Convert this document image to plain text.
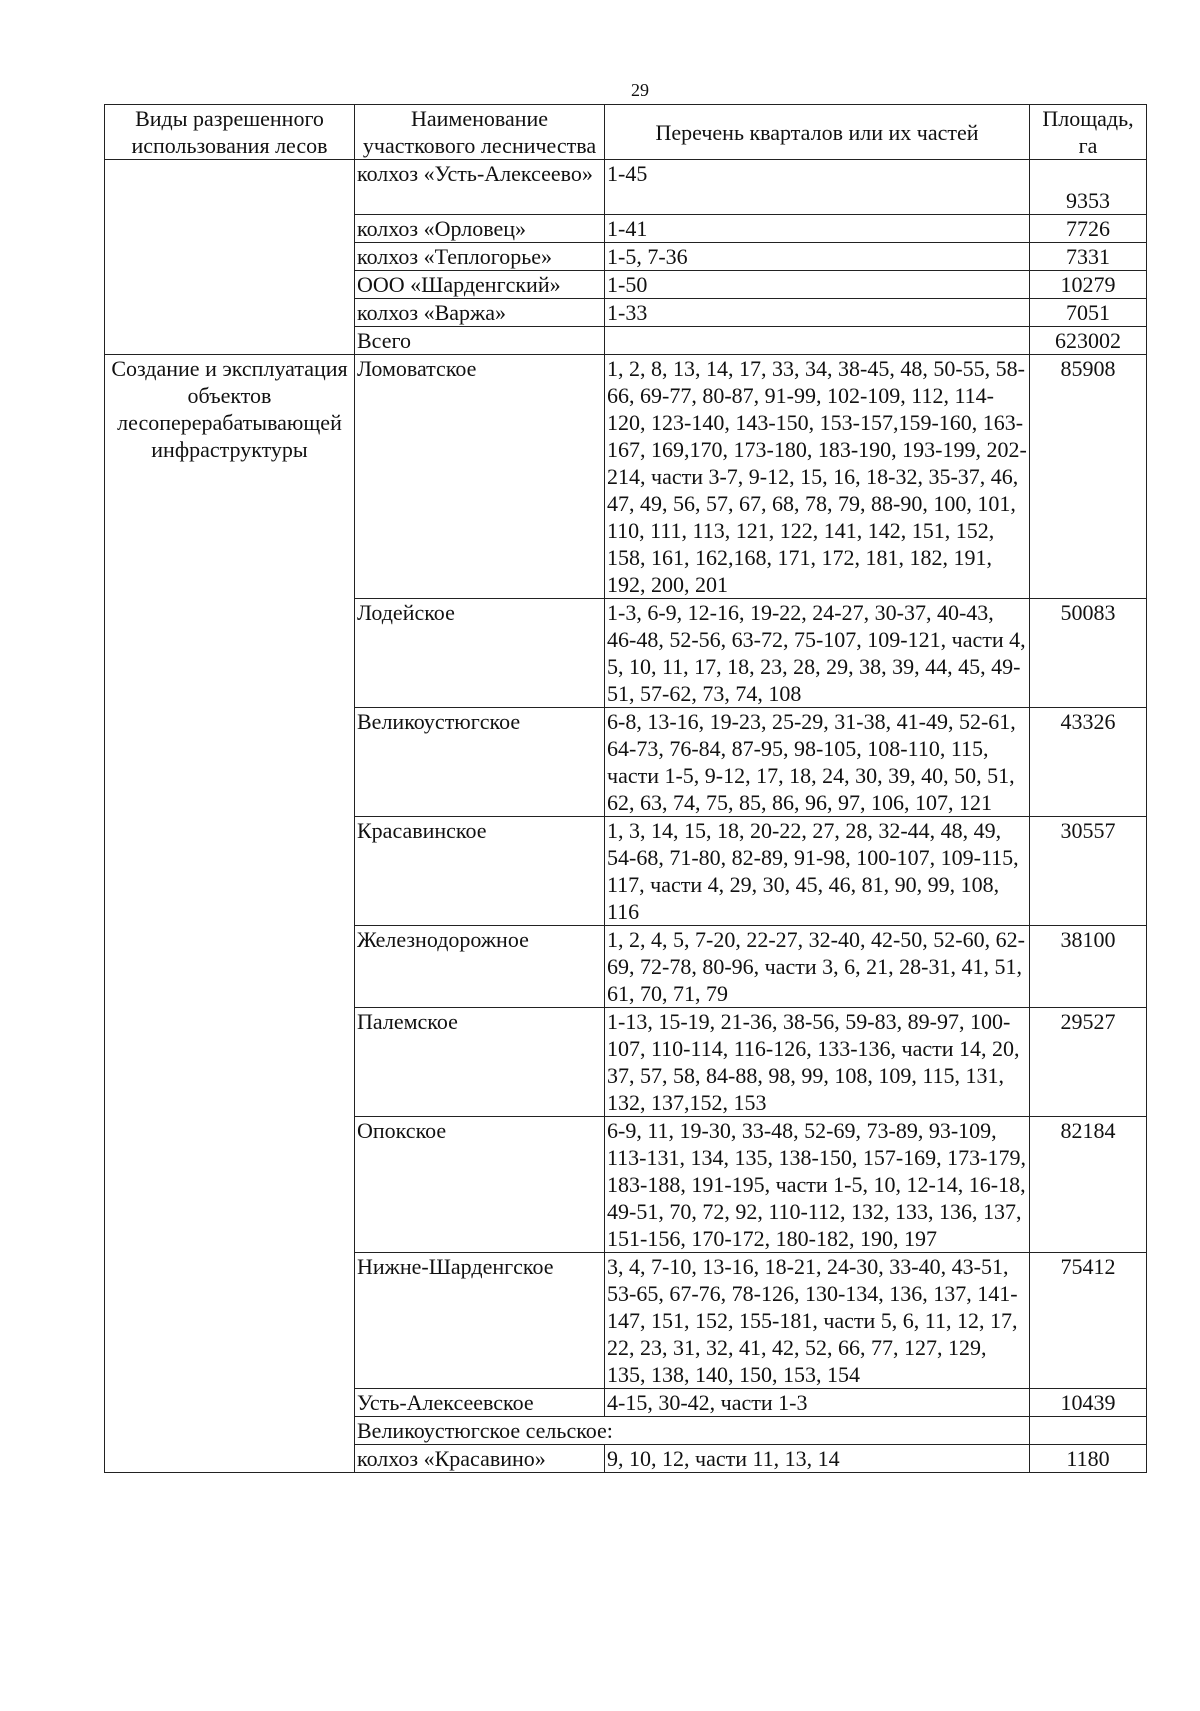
29
Виды разрешенного использования лесов	Наименование участкового лесничества	Перечень кварталов или их частей	Площадь, га
	колхоз «Усть-Алексеево»	1-45	9353
	колхоз «Орловец»	1-41	7726
	колхоз «Теплогорье»	1-5, 7-36	7331
	ООО «Шарденгский»	1-50	10279
	колхоз «Варжа»	1-33	7051
	Всего		623002
Создание и эксплуатация объектов лесоперерабатывающей инфраструктуры	Ломоватское	1, 2, 8, 13, 14, 17, 33, 34, 38-45, 48, 50-55, 58-66, 69-77, 80-87, 91-99, 102-109, 112, 114-120, 123-140, 143-150, 153-157,159-160, 163-167, 169,170, 173-180, 183-190, 193-199, 202-214, части 3-7, 9-12, 15, 16, 18-32, 35-37, 46, 47, 49, 56, 57, 67, 68, 78, 79, 88-90, 100, 101, 110, 111, 113, 121, 122, 141, 142, 151, 152, 158, 161, 162,168, 171, 172, 181, 182, 191, 192, 200, 201	85908
	Лодейское	1-3, 6-9, 12-16, 19-22, 24-27, 30-37, 40-43, 46-48, 52-56, 63-72, 75-107, 109-121, части 4, 5, 10, 11, 17, 18, 23, 28, 29, 38, 39, 44, 45, 49-51, 57-62, 73, 74, 108	50083
	Великоустюгское	6-8, 13-16, 19-23, 25-29, 31-38, 41-49, 52-61, 64-73, 76-84, 87-95, 98-105, 108-110, 115, части 1-5, 9-12, 17, 18, 24, 30, 39, 40, 50, 51, 62, 63, 74, 75, 85, 86, 96, 97, 106, 107, 121	43326
	Красавинское	1, 3, 14, 15, 18, 20-22, 27, 28, 32-44, 48, 49, 54-68, 71-80, 82-89, 91-98, 100-107, 109-115, 117, части 4, 29, 30, 45, 46, 81, 90, 99, 108, 116	30557
	Железнодорожное	1, 2, 4, 5, 7-20, 22-27, 32-40, 42-50, 52-60, 62-69, 72-78, 80-96, части 3, 6, 21, 28-31, 41, 51, 61, 70, 71, 79	38100
	Палемское	1-13, 15-19, 21-36, 38-56, 59-83, 89-97, 100-107, 110-114, 116-126, 133-136, части 14, 20, 37, 57, 58, 84-88, 98, 99, 108, 109, 115, 131, 132, 137,152, 153	29527
	Опокское	6-9, 11, 19-30, 33-48, 52-69, 73-89, 93-109, 113-131, 134, 135, 138-150, 157-169, 173-179, 183-188, 191-195, части 1-5, 10, 12-14, 16-18, 49-51, 70, 72, 92, 110-112, 132, 133, 136, 137, 151-156, 170-172, 180-182, 190, 197	82184
	Нижне-Шарденгское	3, 4, 7-10, 13-16, 18-21, 24-30, 33-40, 43-51, 53-65, 67-76, 78-126, 130-134, 136, 137, 141-147, 151, 152, 155-181, части 5, 6, 11, 12, 17, 22, 23, 31, 32, 41, 42, 52, 66, 77, 127, 129, 135, 138, 140, 150, 153, 154	75412
	Усть-Алексеевское	4-15, 30-42, части 1-3	10439
	Великоустюгское сельское:		
	колхоз «Красавино»	9, 10, 12, части 11, 13, 14	1180
